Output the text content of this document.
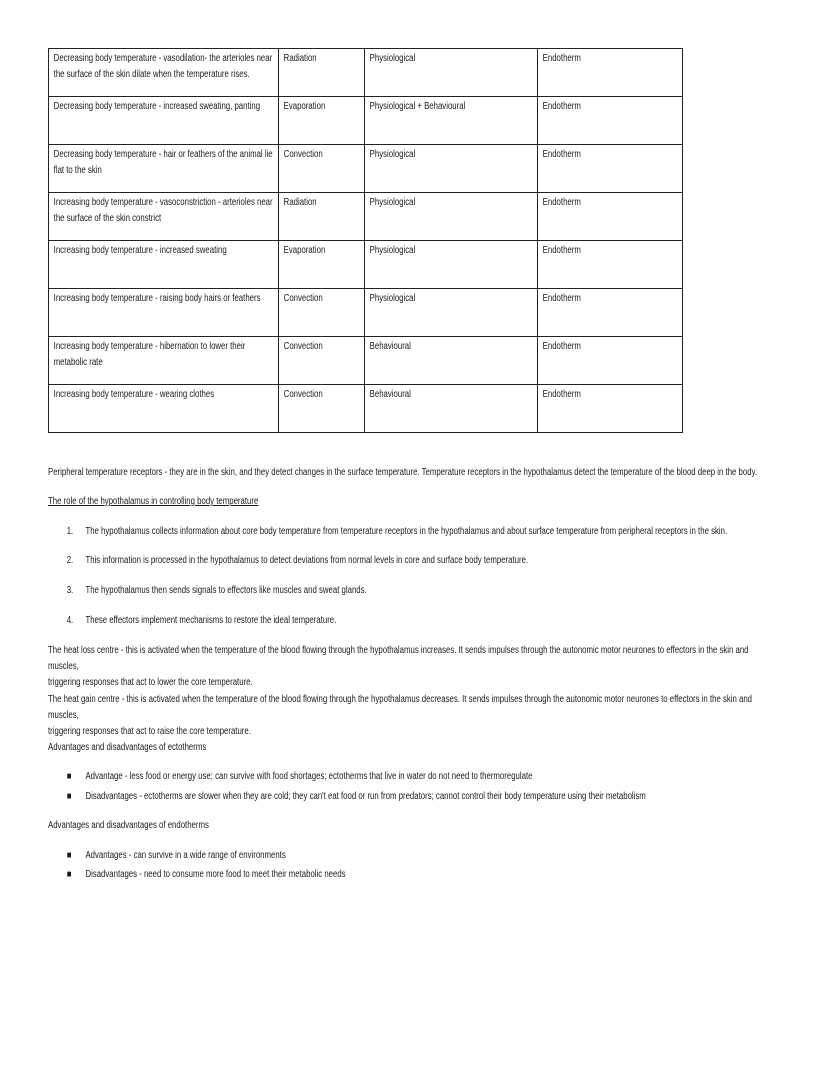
Decreasing body temperature - vasodilation- the arterioles near the surface of the skin dilate when the temperature rises.	Radiation	Physiological	Endotherm

Decreasing body temperature - increased sweating, panting	Evaporation	Physiological + Behavioural	Endotherm

Decreasing body temperature - hair or feathers of the animal lie flat to the skin	Convection	Physiological	Endotherm

Increasing body temperature - vasoconstriction - arterioles near the surface of the skin constrict	Radiation	Physiological	Endotherm

Increasing body temperature - increased sweating	Evaporation	Physiological	Endotherm

Increasing body temperature - raising body hairs or feathers	Convection	Physiological	Endotherm

Increasing body temperature - hibernation to lower their metabolic rate	Convection	Behavioural	Endotherm

Increasing body temperature - wearing clothes	Convection	Behavioural	Endotherm
Peripheral temperature receptors - they are in the skin, and they detect changes in the surface temperature. Temperature receptors in the hypothalamus detect the temperature of the blood deep in the body.
The role of the hypothalamus in controlling body temperature
1. The hypothalamus collects information about core body temperature from temperature receptors in the hypothalamus and about surface temperature from peripheral receptors in the skin.
2. This information is processed in the hypothalamus to detect deviations from normal levels in core and surface body temperature.
3. The hypothalamus then sends signals to effectors like muscles and sweat glands.
4. These effectors implement mechanisms to restore the ideal temperature.
The heat loss centre - this is activated when the temperature of the blood flowing through the hypothalamus increases. It sends impulses through the autonomic motor neurones to effectors in the skin and muscles,
triggering responses that act to lower the core temperature.
The heat gain centre - this is activated when the temperature of the blood flowing through the hypothalamus decreases. It sends impulses through the autonomic motor neurones to effectors in the skin and muscles,
triggering responses that act to raise the core temperature.
Advantages and disadvantages of ectotherms
■ Advantage - less food or energy use; can survive with food shortages; ectotherms that live in water do not need to thermoregulate
■ Disadvantages - ectotherms are slower when they are cold; they can't eat food or run from predators; cannot control their body temperature using their metabolism
Advantages and disadvantages of endotherms
■ Advantages - can survive in a wide range of environments
■ Disadvantages - need to consume more food to meet their metabolic needs
